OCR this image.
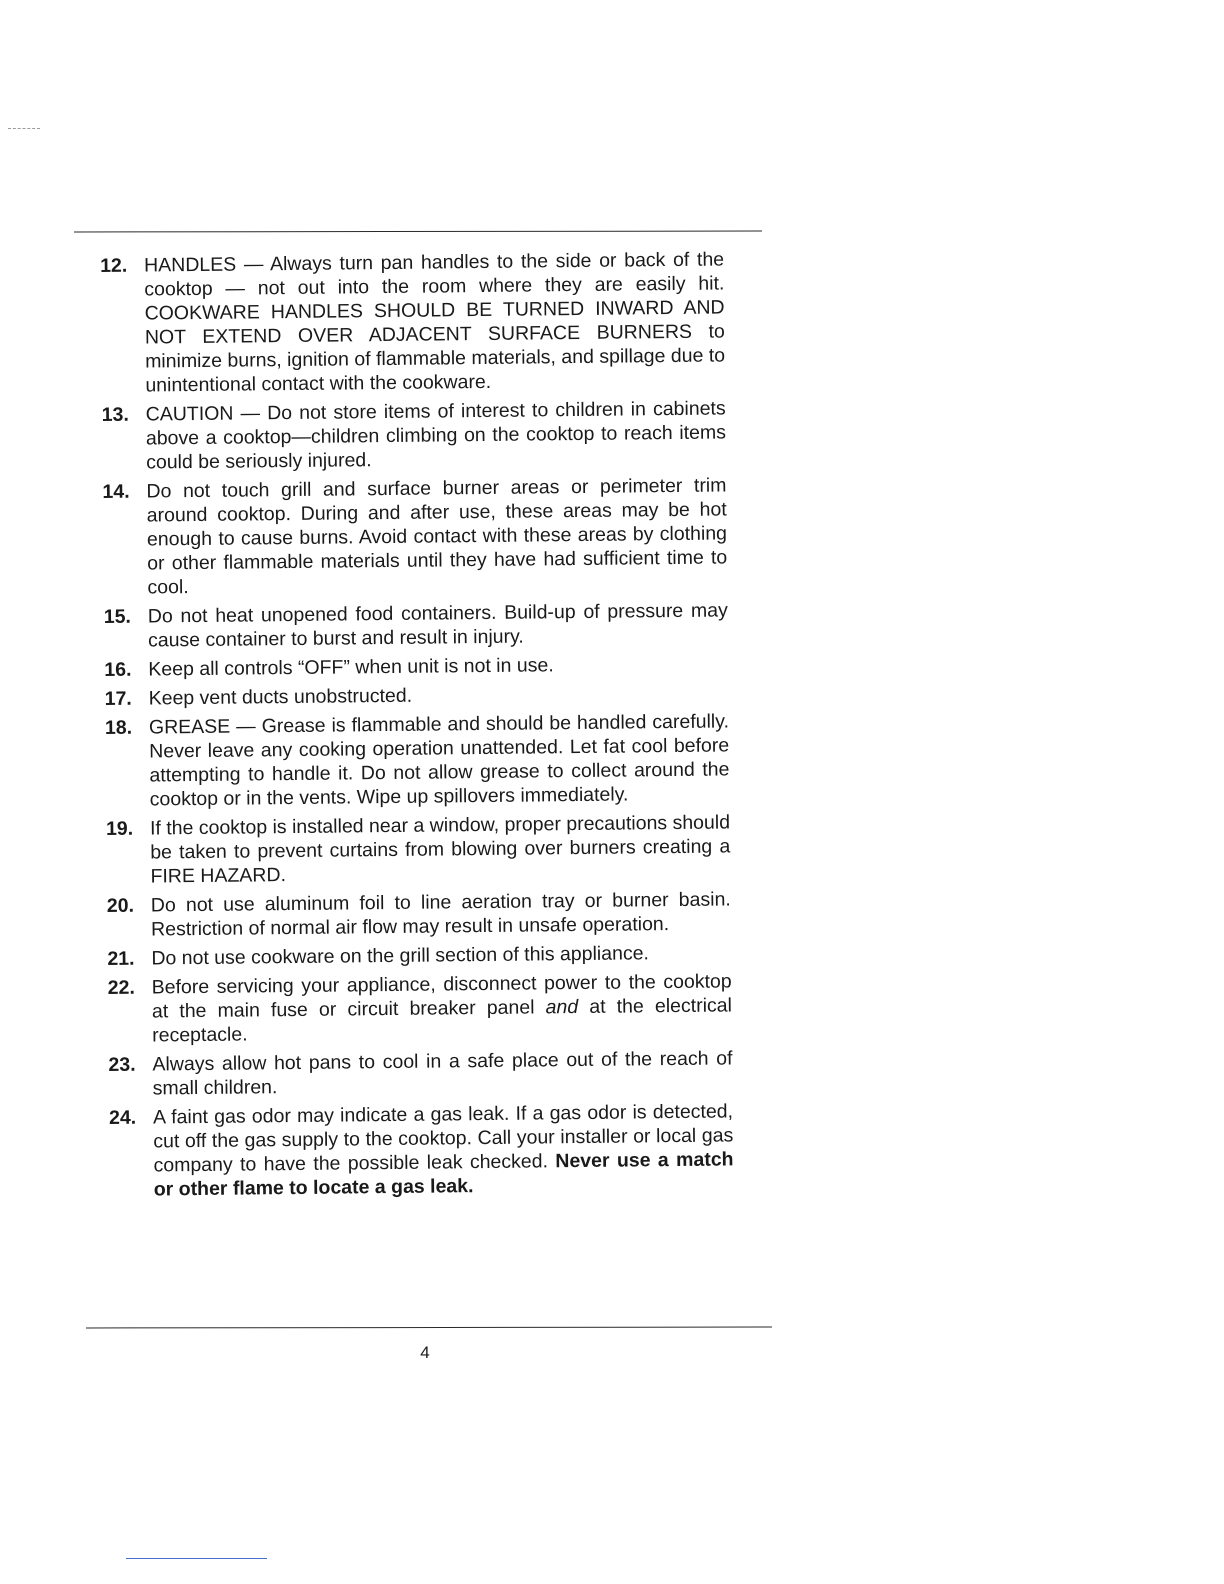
12. HANDLES — Always turn pan handles to the side or back of the cooktop — not out into the room where they are easily hit. COOKWARE HANDLES SHOULD BE TURNED INWARD AND NOT EXTEND OVER ADJACENT SURFACE BURNERS to minimize burns, ignition of flammable materials, and spillage due to unintentional contact with the cookware.
13. CAUTION — Do not store items of interest to children in cabinets above a cooktop—children climbing on the cooktop to reach items could be seriously injured.
14. Do not touch grill and surface burner areas or perimeter trim around cooktop. During and after use, these areas may be hot enough to cause burns. Avoid contact with these areas by clothing or other flammable materials until they have had sufficient time to cool.
15. Do not heat unopened food containers. Build-up of pressure may cause container to burst and result in injury.
16. Keep all controls “OFF” when unit is not in use.
17. Keep vent ducts unobstructed.
18. GREASE — Grease is flammable and should be handled carefully. Never leave any cooking operation unattended. Let fat cool before attempting to handle it. Do not allow grease to collect around the cooktop or in the vents. Wipe up spillovers immediately.
19. If the cooktop is installed near a window, proper precautions should be taken to prevent curtains from blowing over burners creating a FIRE HAZARD.
20. Do not use aluminum foil to line aeration tray or burner basin. Restriction of normal air flow may result in unsafe operation.
21. Do not use cookware on the grill section of this appliance.
22. Before servicing your appliance, disconnect power to the cooktop at the main fuse or circuit breaker panel and at the electrical receptacle.
23. Always allow hot pans to cool in a safe place out of the reach of small children.
24. A faint gas odor may indicate a gas leak. If a gas odor is detected, cut off the gas supply to the cooktop. Call your installer or local gas company to have the possible leak checked. Never use a match or other flame to locate a gas leak.
4
